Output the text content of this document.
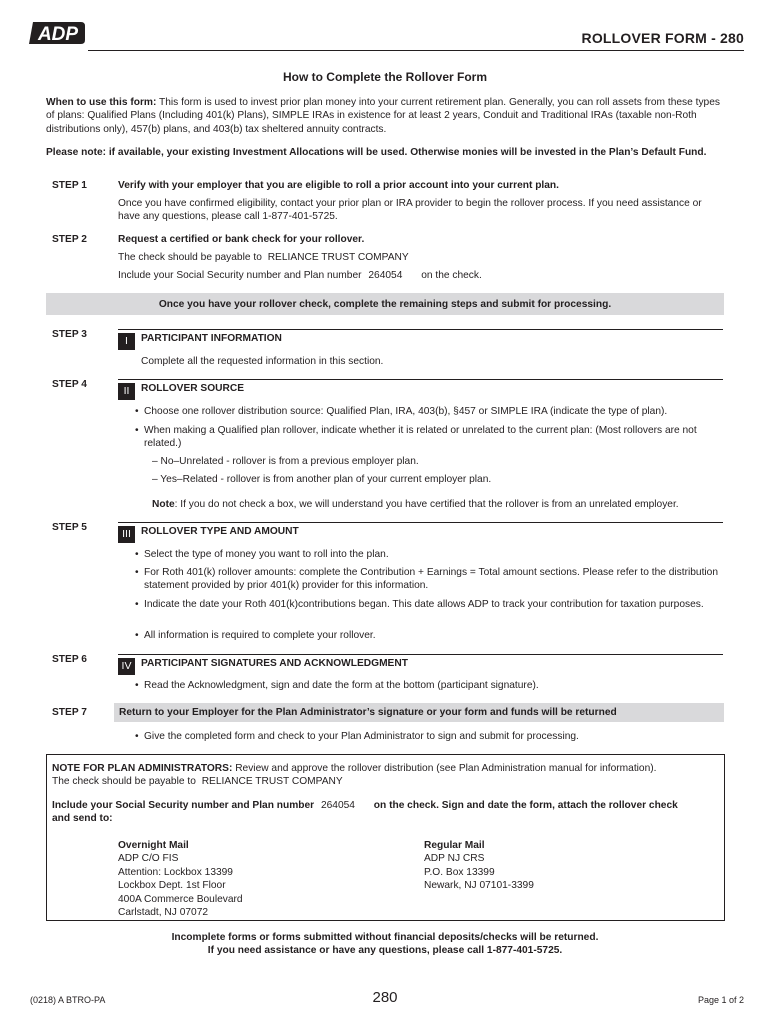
ADP	ROLLOVER FORM - 280
How to Complete the Rollover Form
When to use this form: This form is used to invest prior plan money into your current retirement plan. Generally, you can roll assets from these types of plans: Qualified Plans (Including 401(k) Plans), SIMPLE IRAs in existence for at least 2 years, Conduit and Traditional IRAs (taxable non-Roth distributions only), 457(b) plans, and 403(b) tax sheltered annuity contracts.
Please note: if available, your existing Investment Allocations will be used. Otherwise monies will be invested in the Plan’s Default Fund.
STEP 1	Verify with your employer that you are eligible to roll a prior account into your current plan.
Once you have confirmed eligibility, contact your prior plan or IRA provider to begin the rollover process. If you need assistance or have any questions, please call 1-877-401-5725.
STEP 2	Request a certified or bank check for your rollover.
The check should be payable to RELIANCE TRUST COMPANY
Include your Social Security number and Plan number 264054 on the check.
Once you have your rollover check, complete the remaining steps and submit for processing.
STEP 3
I	PARTICIPANT INFORMATION
Complete all the requested information in this section.
STEP 4
II	ROLLOVER SOURCE
• Choose one rollover distribution source: Qualified Plan, IRA, 403(b), §457 or SIMPLE IRA (indicate the type of plan).
• When making a Qualified plan rollover, indicate whether it is related or unrelated to the current plan: (Most rollovers are not related.)
– No–Unrelated - rollover is from a previous employer plan.
– Yes–Related - rollover is from another plan of your current employer plan.
Note: If you do not check a box, we will understand you have certified that the rollover is from an unrelated employer.
STEP 5
III ROLLOVER TYPE AND AMOUNT
• Select the type of money you want to roll into the plan.
• For Roth 401(k) rollover amounts: complete the Contribution + Earnings = Total amount sections. Please refer to the distribution statement provided by prior 401(k) provider for this information.
• Indicate the date your Roth 401(k)contributions began. This date allows ADP to track your contribution for taxation purposes.
• All information is required to complete your rollover.
STEP 6
IV PARTICIPANT SIGNATURES AND ACKNOWLEDGMENT
• Read the Acknowledgment, sign and date the form at the bottom (participant signature).
STEP 7	Return to your Employer for the Plan Administrator’s signature or your form and funds will be returned
• Give the completed form and check to your Plan Administrator to sign and submit for processing.
NOTE FOR PLAN ADMINISTRATORS: Review and approve the rollover distribution (see Plan Administration manual for information).
The check should be payable to RELIANCE TRUST COMPANY
Include your Social Security number and Plan number 264054 on the check. Sign and date the form, attach the rollover check
and send to:
Overnight Mail
ADP C/O FIS
Attention: Lockbox 13399
Lockbox Dept. 1st Floor
400A Commerce Boulevard
Carlstadt, NJ 07072
Regular Mail
ADP NJ CRS
P.O. Box 13399
Newark, NJ 07101-3399
Incomplete forms or forms submitted without financial deposits/checks will be returned.
If you need assistance or have any questions, please call 1-877-401-5725.
(0218) A BTRO-PA	280	Page 1 of 2
